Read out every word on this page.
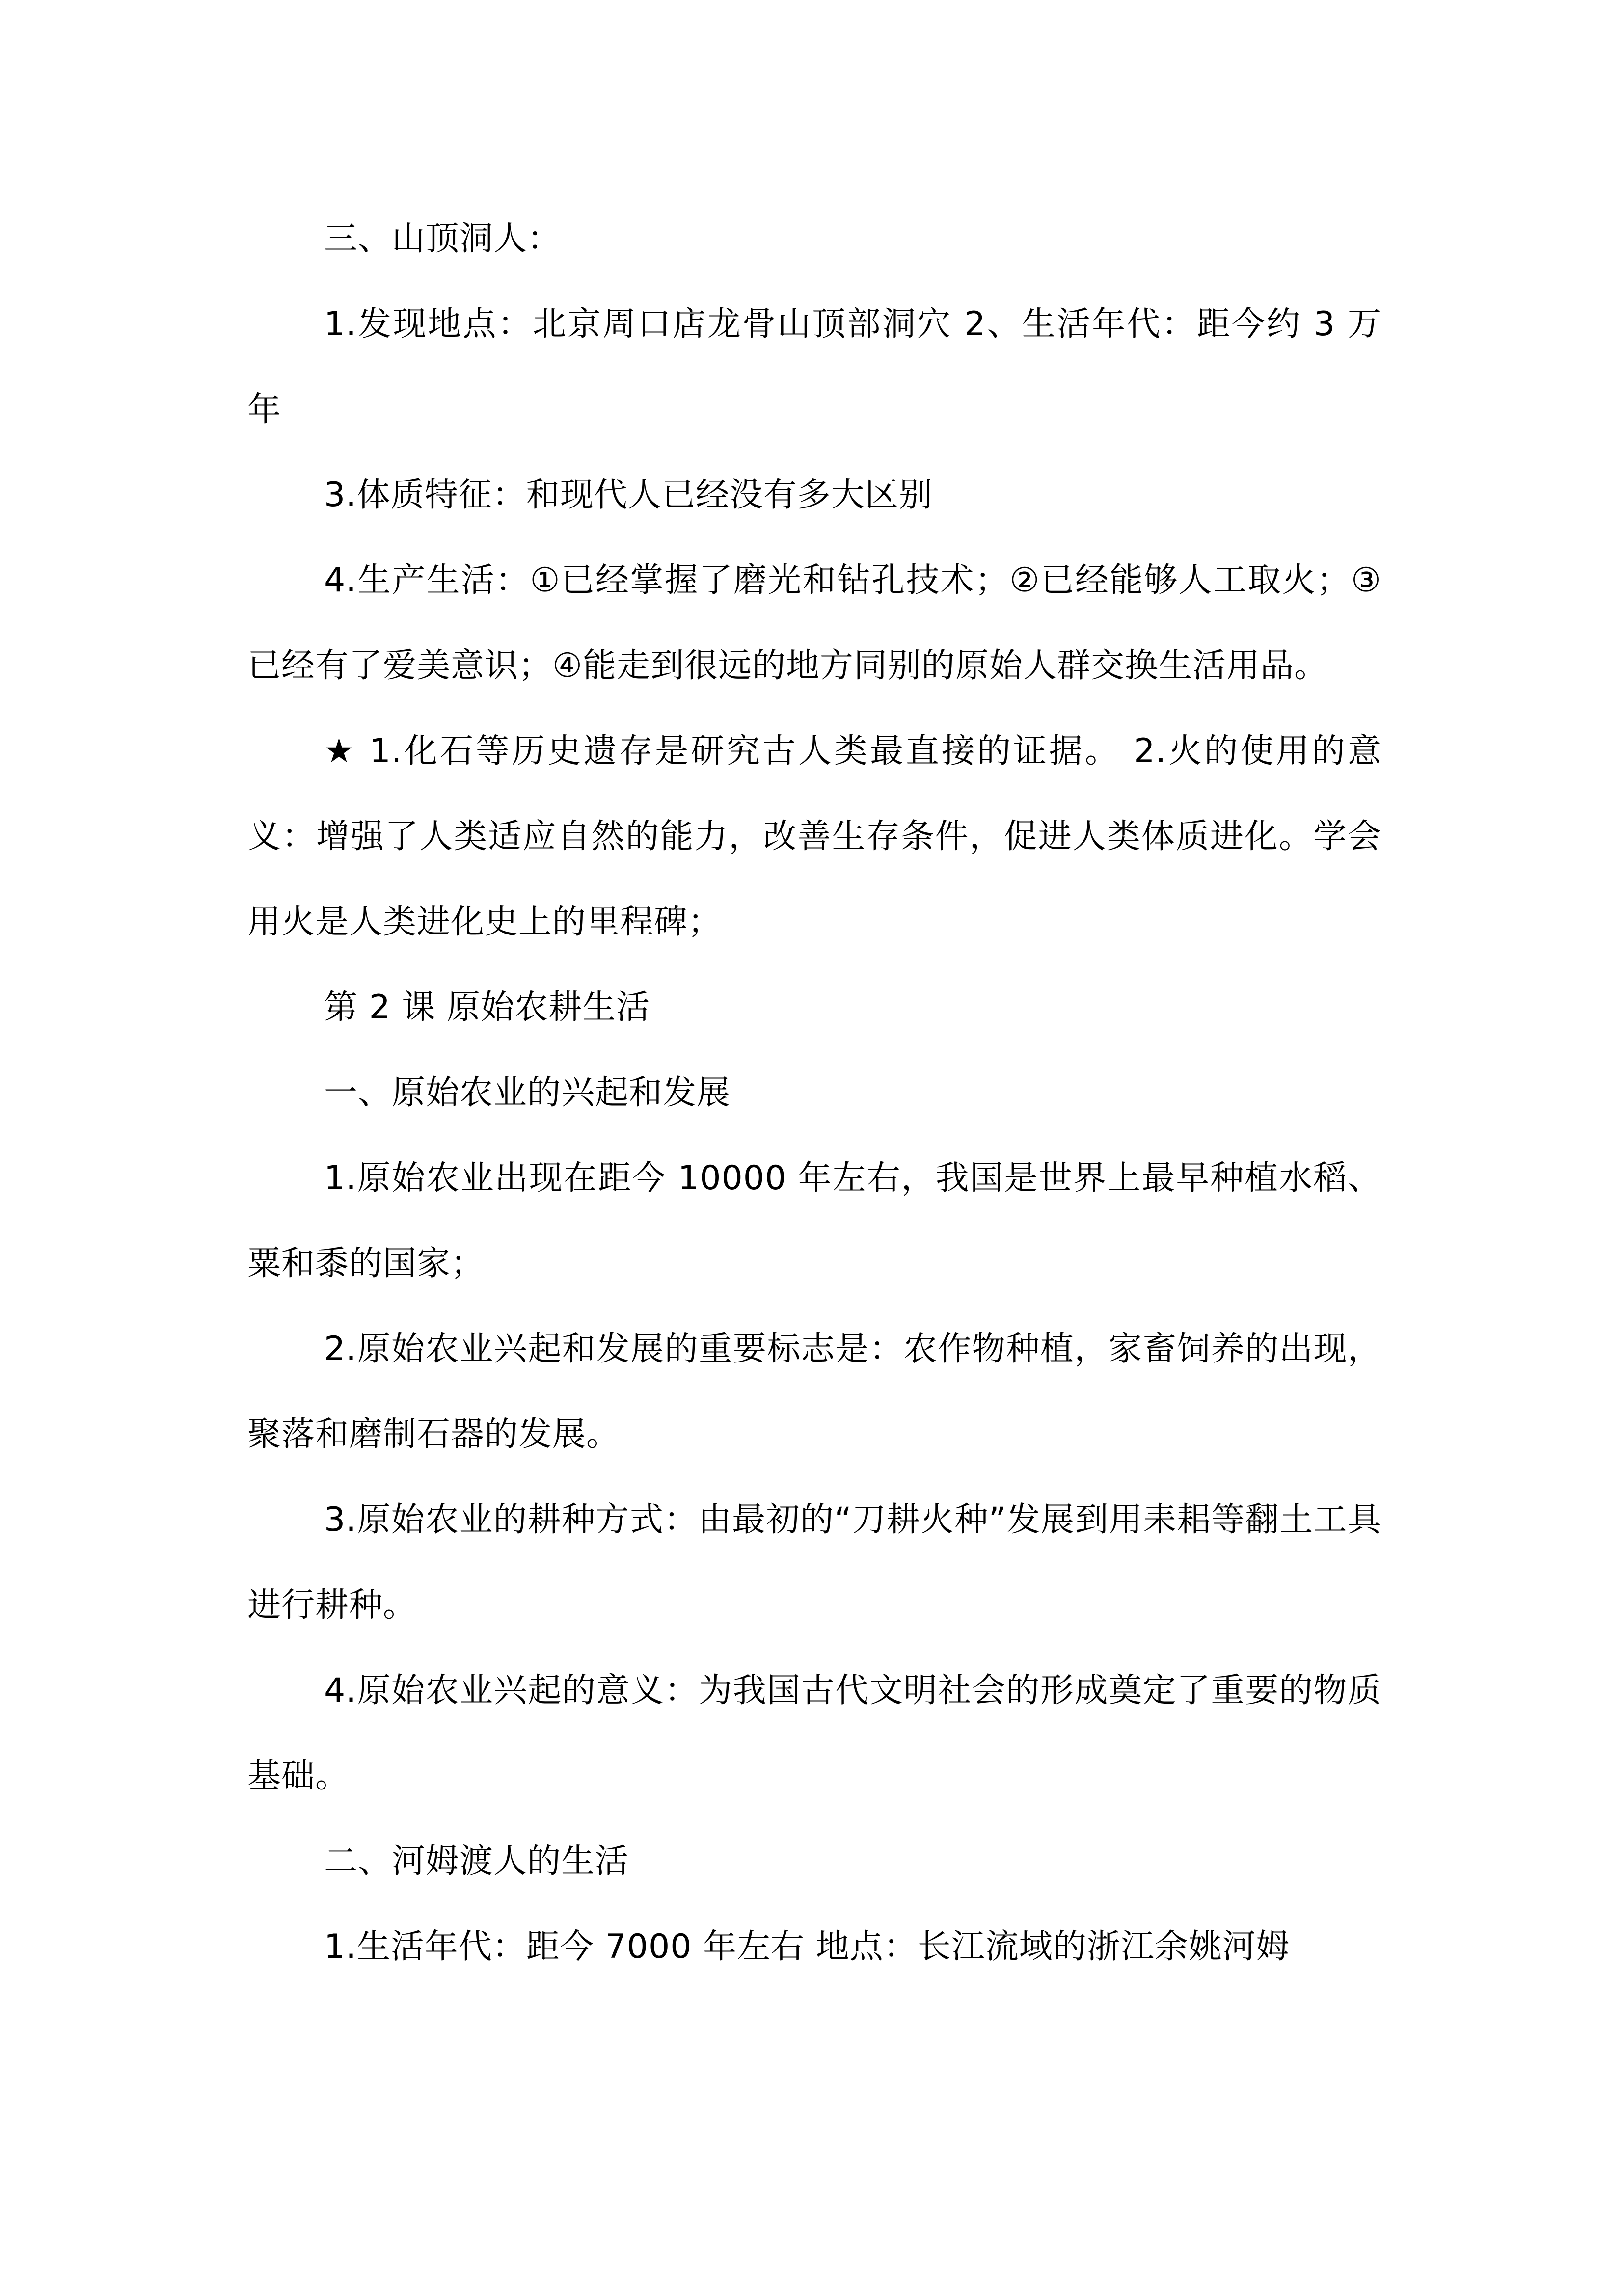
三、山顶洞人：

1.发现地点：北京周口店龙骨山顶部洞穴 2、生活年代：距今约 3 万年

3.体质特征：和现代人已经没有多大区别

4.生产生活：①已经掌握了磨光和钻孔技术；②已经能够人工取火；③已经有了爱美意识；④能走到很远的地方同别的原始人群交换生活用品。

★ 1.化石等历史遗存是研究古人类最直接的证据。 2.火的使用的意义：增强了人类适应自然的能力，改善生存条件，促进人类体质进化。学会用火是人类进化史上的里程碑；

第 2 课 原始农耕生活

一、原始农业的兴起和发展

1.原始农业出现在距今 10000 年左右，我国是世界上最早种植水稻、粟和黍的国家；

2.原始农业兴起和发展的重要标志是：农作物种植，家畜饲养的出现，聚落和磨制石器的发展。

3.原始农业的耕种方式：由最初的“刀耕火种”发展到用耒耜等翻土工具进行耕种。

4.原始农业兴起的意义：为我国古代文明社会的形成奠定了重要的物质基础。

二、河姆渡人的生活

1.生活年代：距今 7000 年左右 地点：长江流域的浙江余姚河姆
